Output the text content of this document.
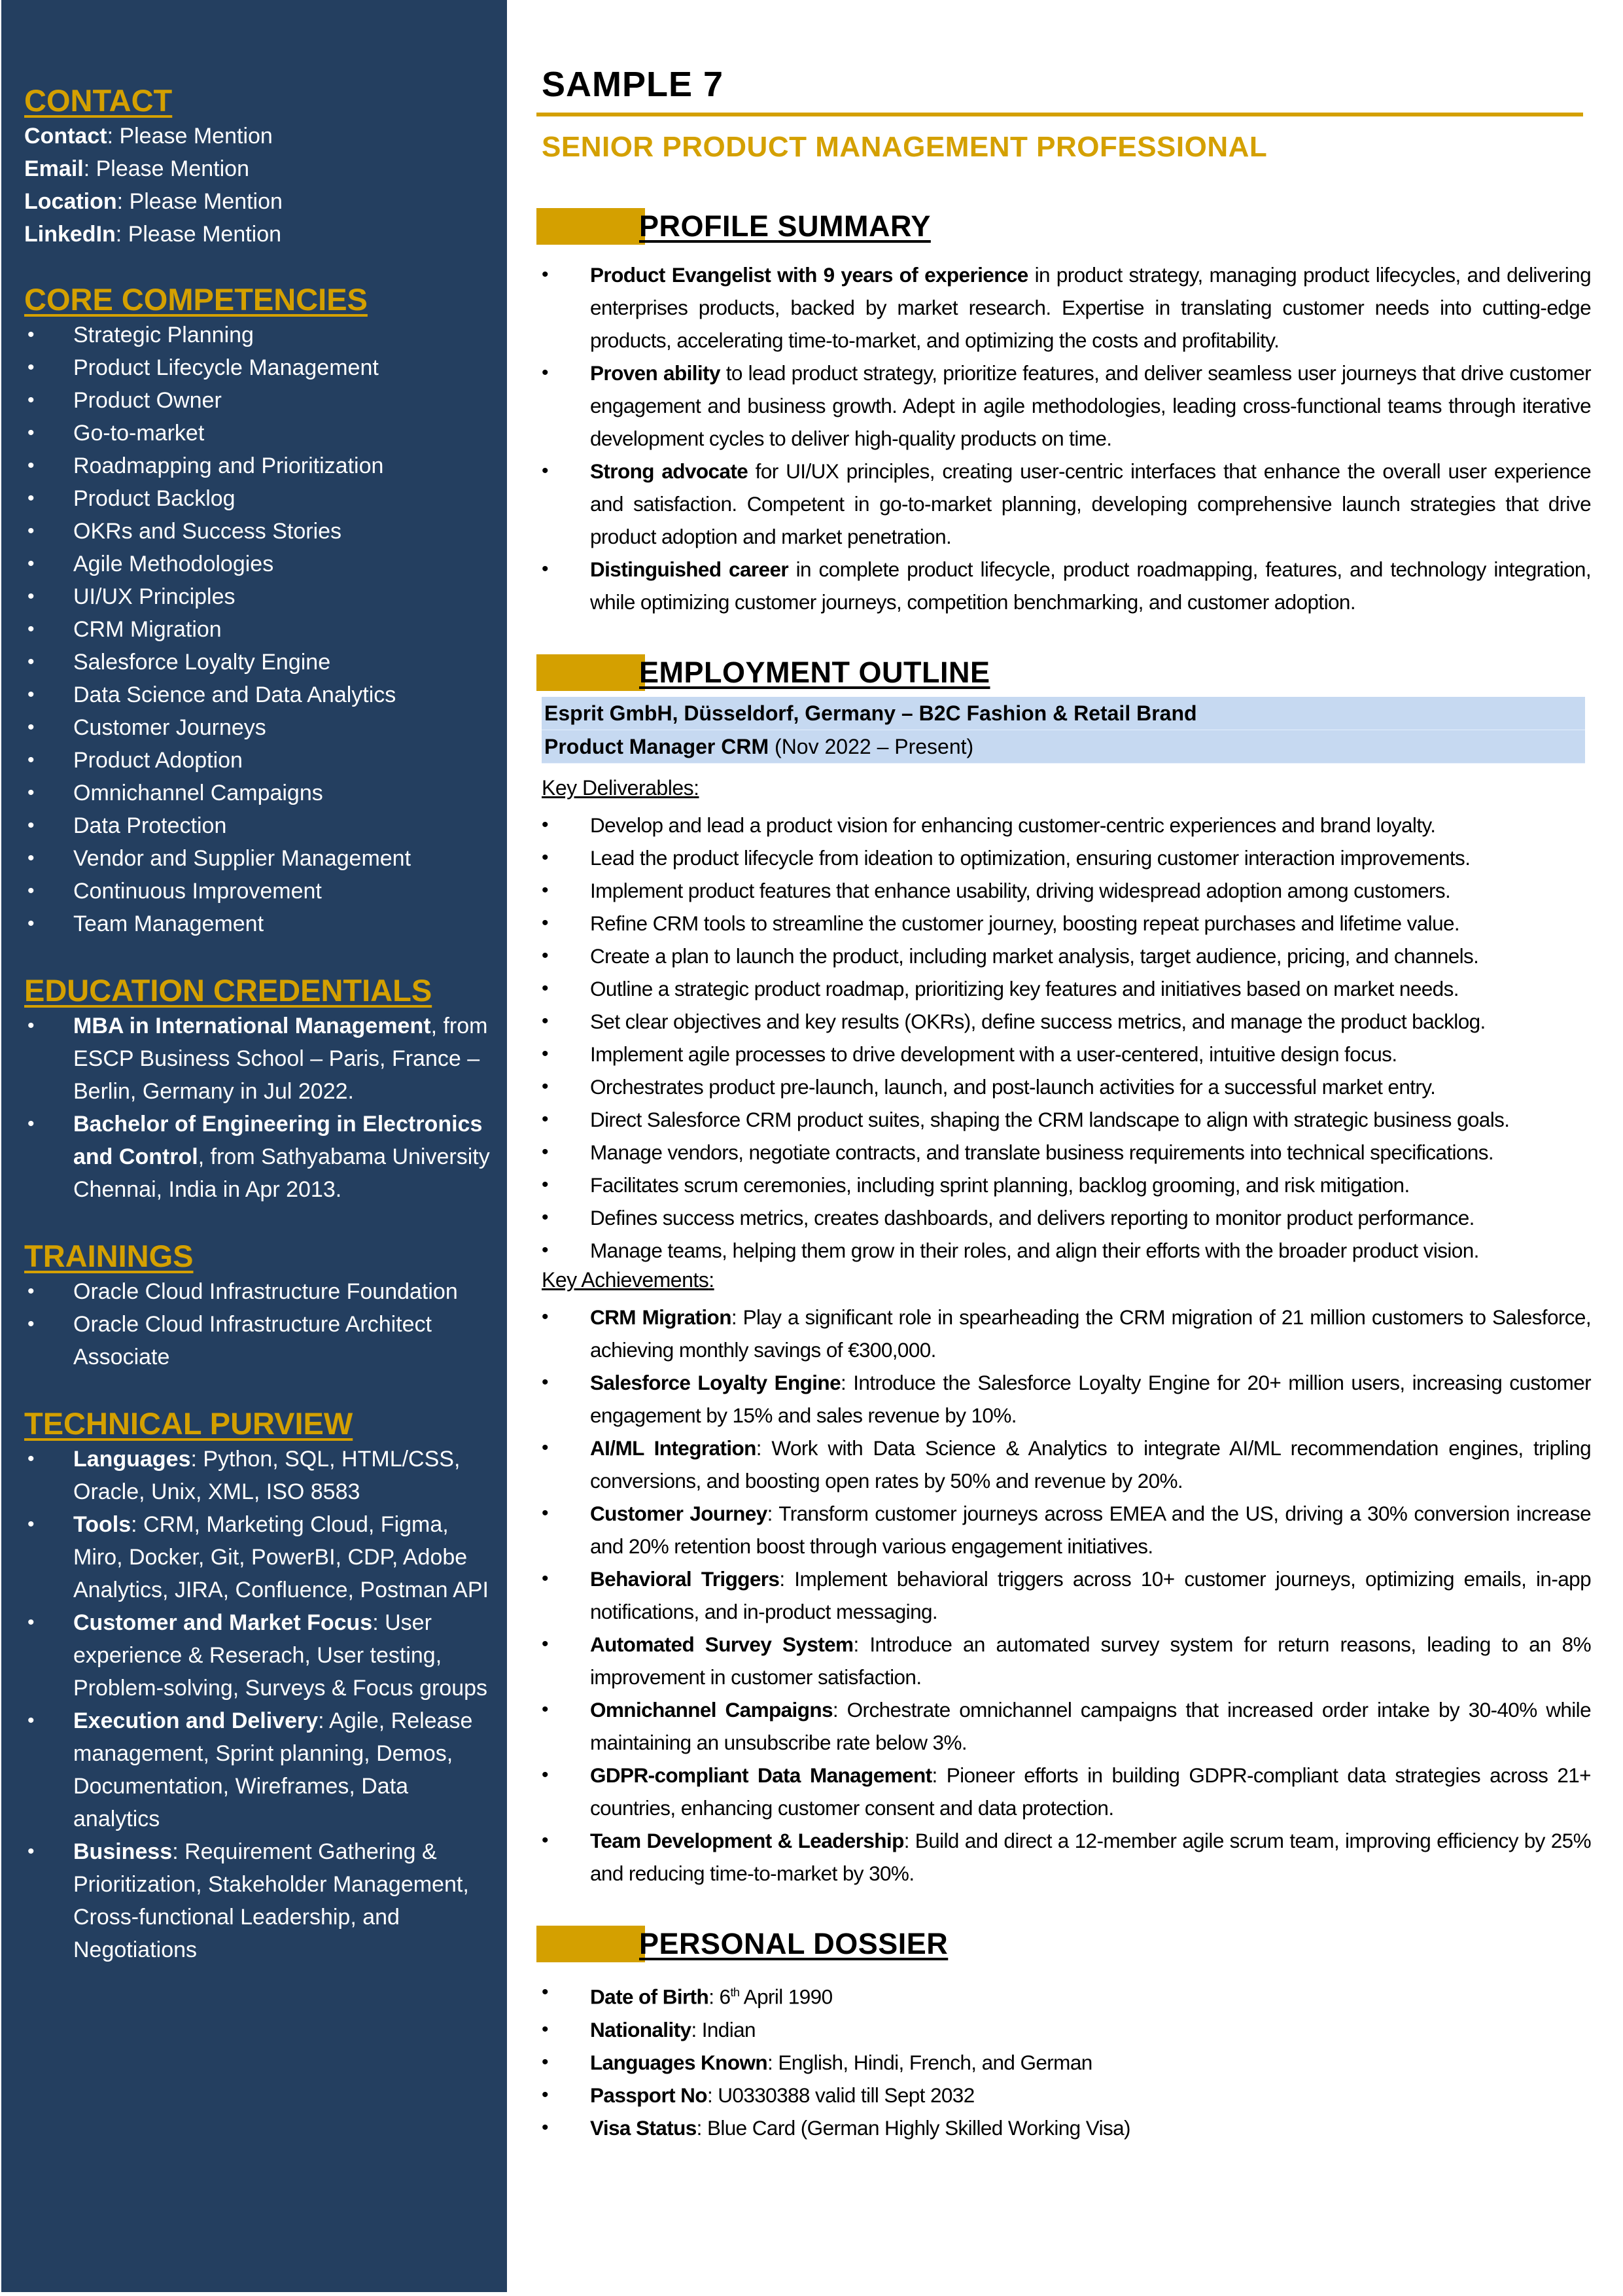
CONTACT
Contact: Please Mention
Email: Please Mention
Location: Please Mention
LinkedIn: Please Mention
CORE COMPETENCIES
• Strategic Planning
• Product Lifecycle Management
• Product Owner
• Go-to-market
• Roadmapping and Prioritization
• Product Backlog
• OKRs and Success Stories
• Agile Methodologies
• UI/UX Principles
• CRM Migration
• Salesforce Loyalty Engine
• Data Science and Data Analytics
• Customer Journeys
• Product Adoption
• Omnichannel Campaigns
• Data Protection
• Vendor and Supplier Management
• Continuous Improvement
• Team Management
EDUCATION CREDENTIALS
• MBA in International Management, from ESCP Business School – Paris, France – Berlin, Germany in Jul 2022.
• Bachelor of Engineering in Electronics and Control, from Sathyabama University Chennai, India in Apr 2013.
TRAININGS
• Oracle Cloud Infrastructure Foundation
• Oracle Cloud Infrastructure Architect Associate
TECHNICAL PURVIEW
• Languages: Python, SQL, HTML/CSS, Oracle, Unix, XML, ISO 8583
• Tools: CRM, Marketing Cloud, Figma, Miro, Docker, Git, PowerBI, CDP, Adobe Analytics, JIRA, Confluence, Postman API
• Customer and Market Focus: User experience & Reserach, User testing, Problem-solving, Surveys & Focus groups
• Execution and Delivery: Agile, Release management, Sprint planning, Demos, Documentation, Wireframes, Data analytics
• Business: Requirement Gathering & Prioritization, Stakeholder Management, Cross-functional Leadership, and Negotiations
SAMPLE 7
SENIOR PRODUCT MANAGEMENT PROFESSIONAL
PROFILE SUMMARY
• Product Evangelist with 9 years of experience in product strategy, managing product lifecycles, and delivering enterprises products, backed by market research. Expertise in translating customer needs into cutting-edge products, accelerating time-to-market, and optimizing the costs and profitability.
• Proven ability to lead product strategy, prioritize features, and deliver seamless user journeys that drive customer engagement and business growth. Adept in agile methodologies, leading cross-functional teams through iterative development cycles to deliver high-quality products on time.
• Strong advocate for UI/UX principles, creating user-centric interfaces that enhance the overall user experience and satisfaction. Competent in go-to-market planning, developing comprehensive launch strategies that drive product adoption and market penetration.
• Distinguished career in complete product lifecycle, product roadmapping, features, and technology integration, while optimizing customer journeys, competition benchmarking, and customer adoption.
EMPLOYMENT OUTLINE
Esprit GmbH, Düsseldorf, Germany – B2C Fashion & Retail Brand
Product Manager CRM (Nov 2022 – Present)
Key Deliverables:
• Develop and lead a product vision for enhancing customer-centric experiences and brand loyalty.
• Lead the product lifecycle from ideation to optimization, ensuring customer interaction improvements.
• Implement product features that enhance usability, driving widespread adoption among customers.
• Refine CRM tools to streamline the customer journey, boosting repeat purchases and lifetime value.
• Create a plan to launch the product, including market analysis, target audience, pricing, and channels.
• Outline a strategic product roadmap, prioritizing key features and initiatives based on market needs.
• Set clear objectives and key results (OKRs), define success metrics, and manage the product backlog.
• Implement agile processes to drive development with a user-centered, intuitive design focus.
• Orchestrates product pre-launch, launch, and post-launch activities for a successful market entry.
• Direct Salesforce CRM product suites, shaping the CRM landscape to align with strategic business goals.
• Manage vendors, negotiate contracts, and translate business requirements into technical specifications.
• Facilitates scrum ceremonies, including sprint planning, backlog grooming, and risk mitigation.
• Defines success metrics, creates dashboards, and delivers reporting to monitor product performance.
• Manage teams, helping them grow in their roles, and align their efforts with the broader product vision.
Key Achievements:
• CRM Migration: Play a significant role in spearheading the CRM migration of 21 million customers to Salesforce, achieving monthly savings of €300,000.
• Salesforce Loyalty Engine: Introduce the Salesforce Loyalty Engine for 20+ million users, increasing customer engagement by 15% and sales revenue by 10%.
• AI/ML Integration: Work with Data Science & Analytics to integrate AI/ML recommendation engines, tripling conversions, and boosting open rates by 50% and revenue by 20%.
• Customer Journey: Transform customer journeys across EMEA and the US, driving a 30% conversion increase and 20% retention boost through various engagement initiatives.
• Behavioral Triggers: Implement behavioral triggers across 10+ customer journeys, optimizing emails, in-app notifications, and in-product messaging.
• Automated Survey System: Introduce an automated survey system for return reasons, leading to an 8% improvement in customer satisfaction.
• Omnichannel Campaigns: Orchestrate omnichannel campaigns that increased order intake by 30-40% while maintaining an unsubscribe rate below 3%.
• GDPR-compliant Data Management: Pioneer efforts in building GDPR-compliant data strategies across 21+ countries, enhancing customer consent and data protection.
• Team Development & Leadership: Build and direct a 12-member agile scrum team, improving efficiency by 25% and reducing time-to-market by 30%.
PERSONAL DOSSIER
• Date of Birth: 6th April 1990
• Nationality: Indian
• Languages Known: English, Hindi, French, and German
• Passport No: U0330388 valid till Sept 2032
• Visa Status: Blue Card (German Highly Skilled Working Visa)
